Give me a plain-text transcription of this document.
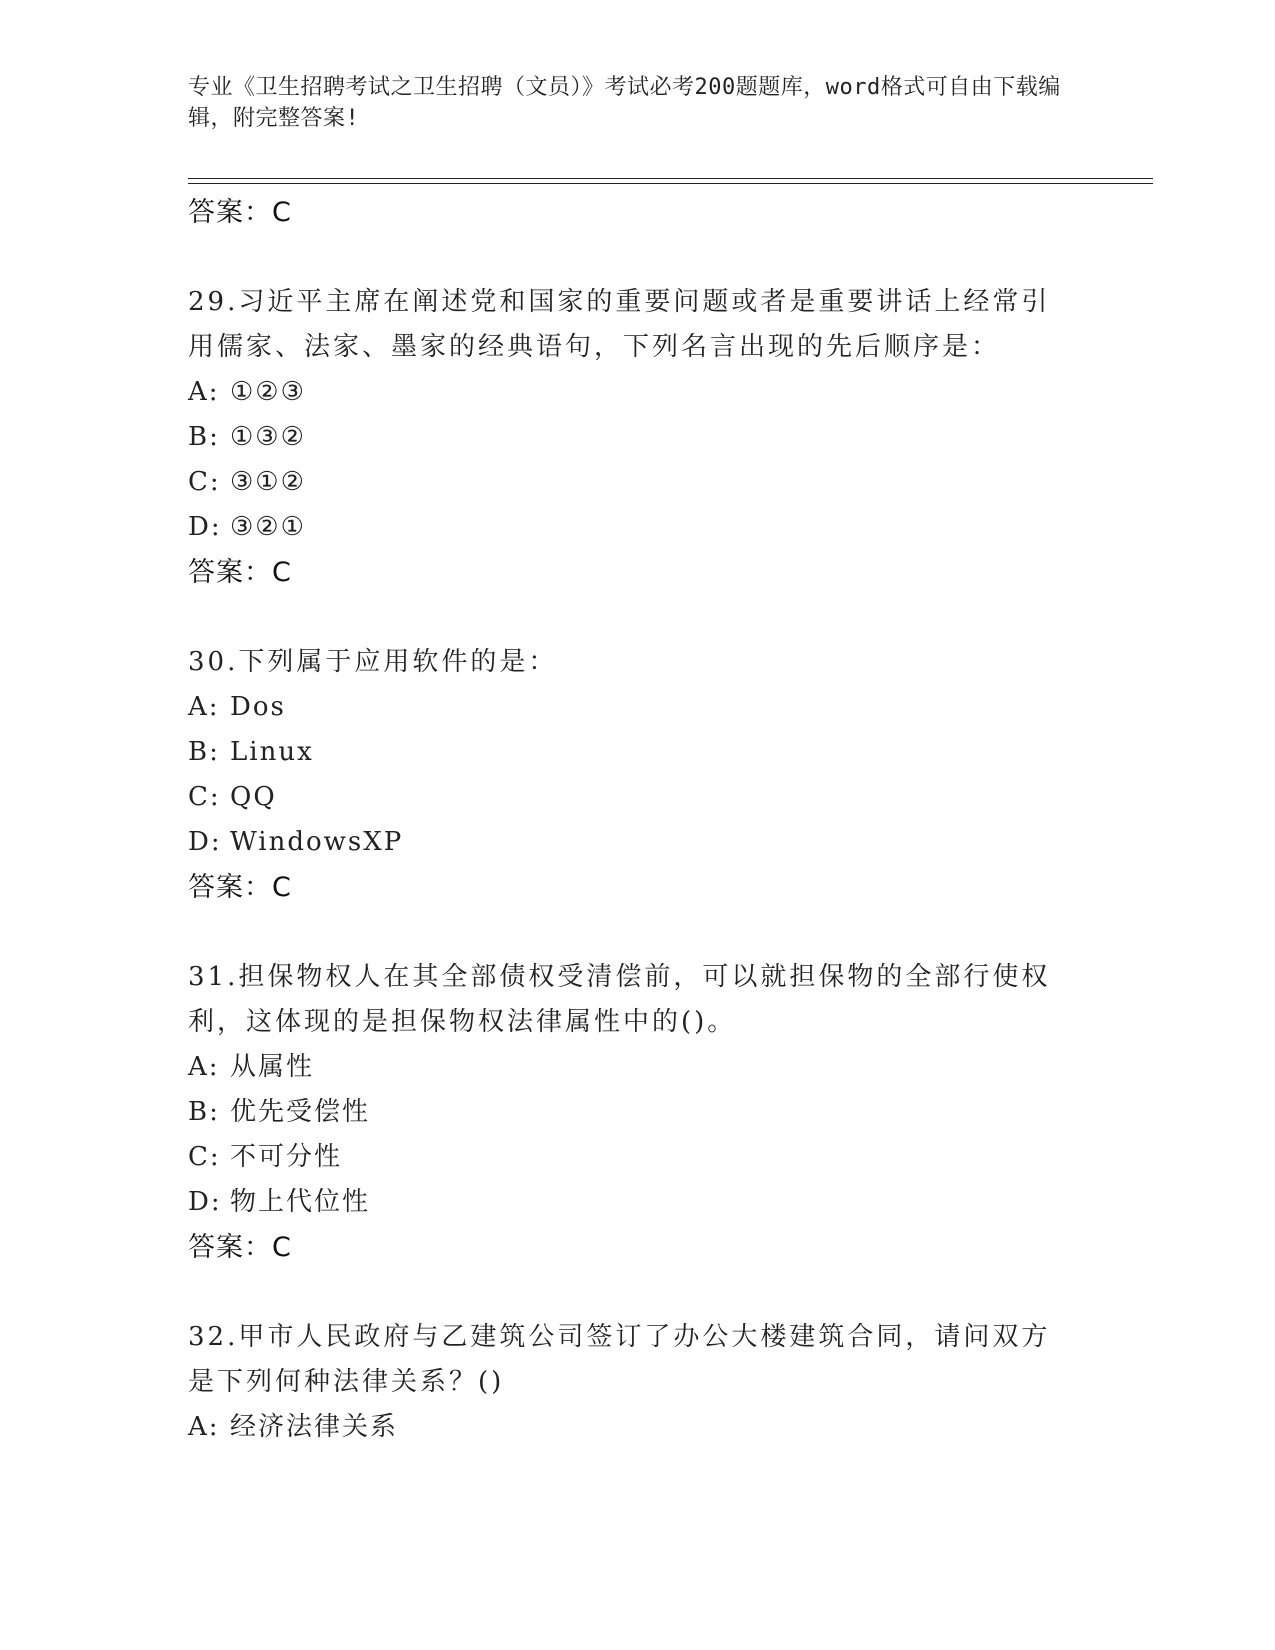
专业《卫生招聘考试之卫生招聘（文员）》考试必考200题题库，word格式可自由下载编辑，附完整答案!
答案：C
29.习近平主席在阐述党和国家的重要问题或者是重要讲话上经常引用儒家、法家、墨家的经典语句，下列名言出现的先后顺序是：
A: ①②③
B: ①③②
C: ③①②
D: ③②①
答案：C
30.下列属于应用软件的是：
A: Dos
B: Linux
C: QQ
D: WindowsXP
答案：C
31.担保物权人在其全部债权受清偿前，可以就担保物的全部行使权利，这体现的是担保物权法律属性中的()。
A: 从属性
B: 优先受偿性
C: 不可分性
D: 物上代位性
答案：C
32.甲市人民政府与乙建筑公司签订了办公大楼建筑合同，请问双方是下列何种法律关系？()
A: 经济法律关系
